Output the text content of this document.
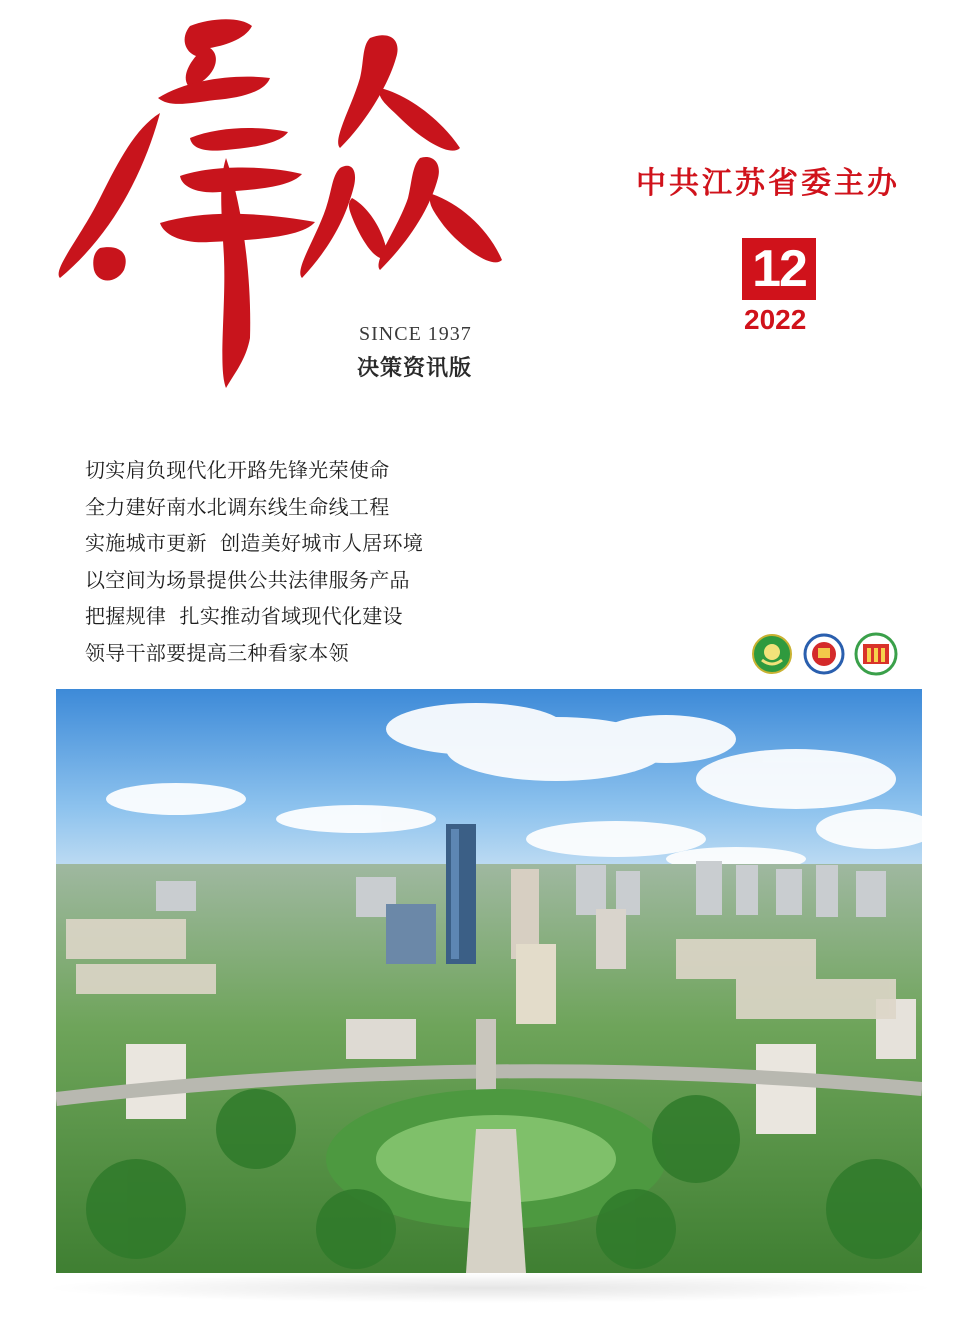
SINCE 1937
决策资讯版
中共江苏省委主办
12
2022
切实肩负现代化开路先锋光荣使命
全力建好南水北调东线生命线工程
实施城市更新  创造美好城市人居环境
以空间为场景提供公共法律服务产品
把握规律  扎实推动省域现代化建设
领导干部要提高三种看家本领
